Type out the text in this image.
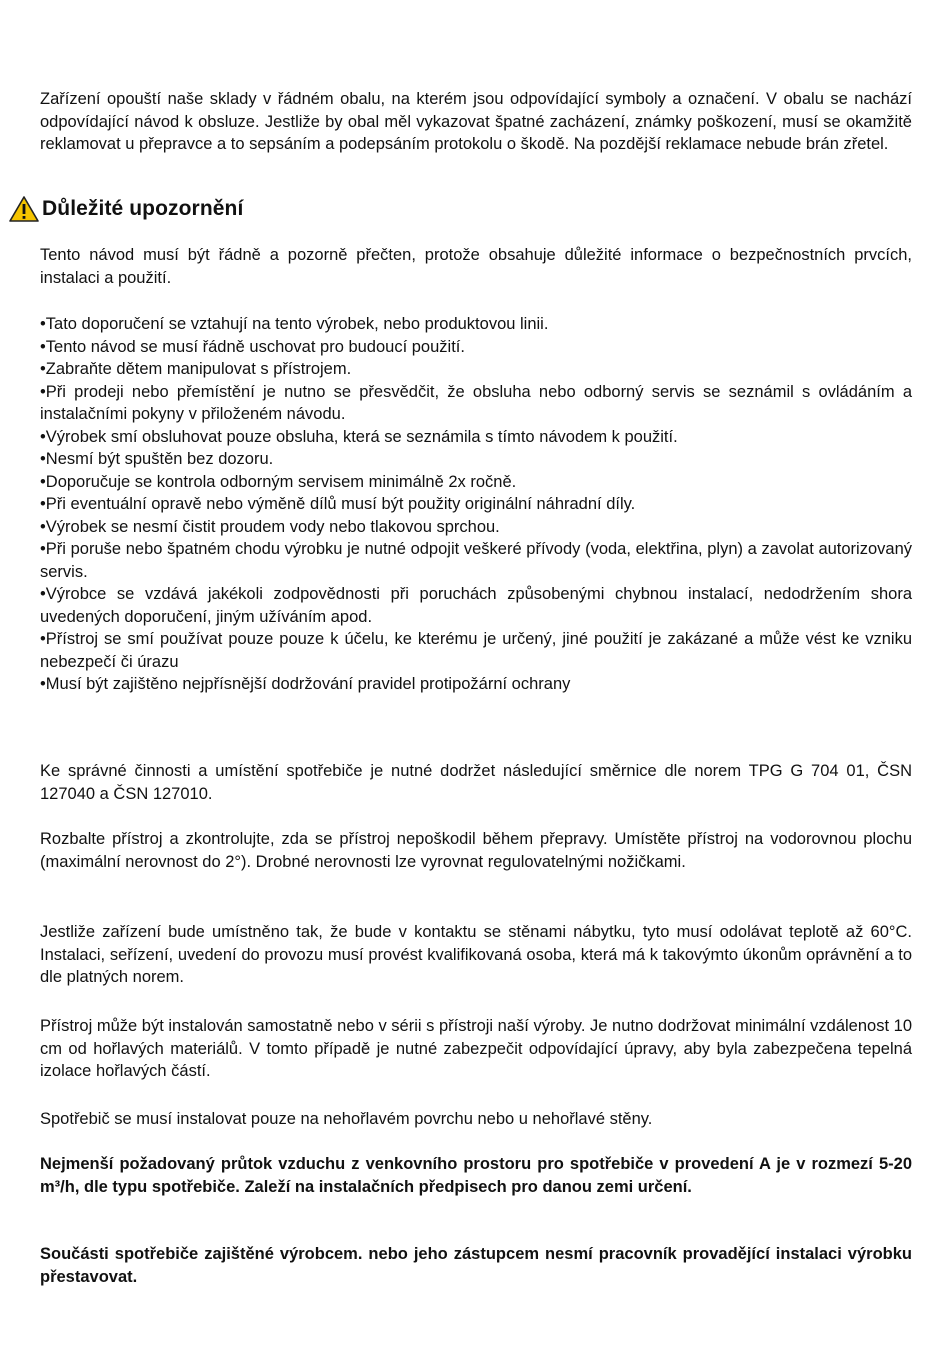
Zařízení opouští naše sklady v řádném obalu, na kterém jsou odpovídající symboly a označení. V obalu se nachází odpovídající návod k obsluze. Jestliže by obal měl vykazovat špatné zacházení, známky poškození, musí se okamžitě reklamovat u přepravce a to sepsáním a podepsáním protokolu o škodě. Na pozdější reklamace nebude brán zřetel.

Důležité upozornění

Tento návod musí být řádně a pozorně přečten, protože obsahuje důležité informace o bezpečnostních prvcích, instalaci a použití.

•Tato doporučení se vztahují na tento výrobek, nebo produktovou linii.
•Tento návod se musí řádně uschovat pro budoucí použití.
•Zabraňte dětem manipulovat s přístrojem.
•Při prodeji nebo přemístění je nutno se přesvědčit, že obsluha nebo odborný servis se seznámil s ovládáním a instalačními pokyny v přiloženém návodu.
•Výrobek smí obsluhovat pouze obsluha, která se seznámila s tímto návodem k použití.
•Nesmí být spuštěn bez dozoru.
•Doporučuje se kontrola odborným servisem minimálně 2x ročně.
•Při eventuální opravě nebo výměně dílů musí být použity originální náhradní díly.
•Výrobek se nesmí čistit proudem vody nebo tlakovou sprchou.
•Při poruše nebo špatném chodu výrobku je nutné odpojit veškeré přívody (voda, elektřina, plyn) a zavolat autorizovaný servis.
•Výrobce se vzdává jakékoli zodpovědnosti při poruchách způsobenými chybnou instalací, nedodržením shora uvedených doporučení, jiným užíváním apod.
•Přístroj se smí používat pouze pouze k účelu, ke kterému je určený, jiné použití je zakázané a může vést ke vzniku nebezpečí či úrazu
•Musí být zajištěno nejpřísnější dodržování pravidel protipožární ochrany

Ke správné činnosti a umístění spotřebiče je nutné dodržet následující směrnice dle norem TPG G 704 01, ČSN 127040 a ČSN 127010.

Rozbalte přístroj a zkontrolujte, zda se přístroj nepoškodil během přepravy. Umístěte přístroj na vodorovnou plochu (maximální nerovnost do 2°). Drobné nerovnosti lze vyrovnat regulovatelnými nožičkami.

Jestliže zařízení bude umístněno tak, že bude v kontaktu se stěnami nábytku, tyto musí odolávat teplotě až 60°C. Instalaci, seřízení, uvedení do provozu musí provést kvalifikovaná osoba, která má k takovýmto úkonům oprávnění a to dle platných norem.

Přístroj může být instalován samostatně nebo v sérii s přístroji naší výroby. Je nutno dodržovat minimální vzdálenost 10 cm od hořlavých materiálů. V tomto případě je nutné zabezpečit odpovídající úpravy, aby byla zabezpečena tepelná izolace hořlavých částí.

Spotřebič se musí instalovat pouze na nehořlavém povrchu nebo u nehořlavé stěny.

Nejmenší požadovaný průtok vzduchu z venkovního prostoru pro spotřebiče v provedení A je v rozmezí 5-20 m³/h, dle typu spotřebiče. Zaleží na instalačních předpisech pro danou zemi určení.

Součásti spotřebiče zajištěné výrobcem. nebo jeho zástupcem nesmí pracovník provadějící instalaci výrobku přestavovat.
